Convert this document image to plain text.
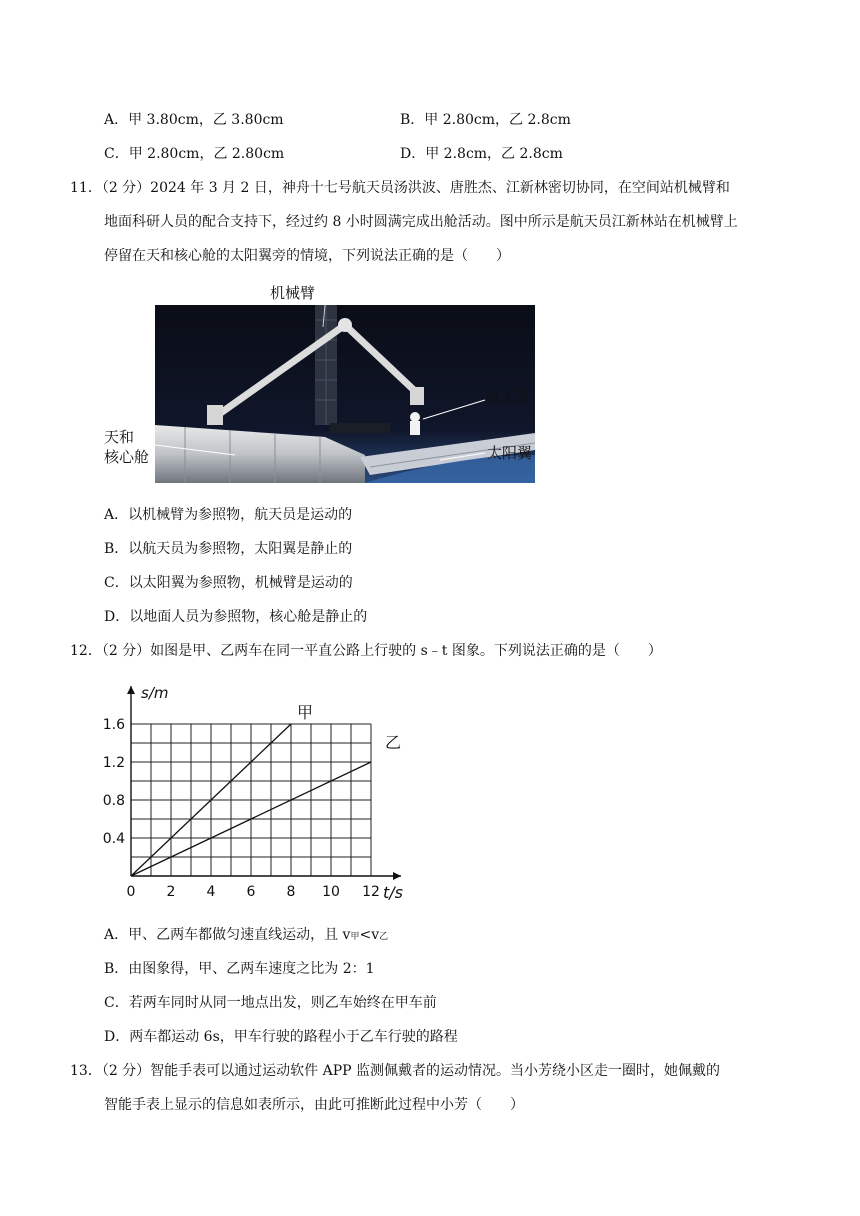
A．甲 3.80cm，乙 3.80cm	B．甲 2.80cm，乙 2.8cm
C．甲 2.80cm，乙 2.80cm	D．甲 2.8cm，乙 2.8cm
11．（2 分）2024 年 3 月 2 日，神舟十七号航天员汤洪波、唐胜杰、江新林密切协同，在空间站机械臂和
地面科研人员的配合支持下，经过约 8 小时圆满完成出舱活动。图中所示是航天员江新林站在机械臂上
停留在天和核心舱的太阳翼旁的情境，下列说法正确的是（　　）
机械臂
航天员
天和
核心舱	太阳翼
A．以机械臂为参照物，航天员是运动的
B．以航天员为参照物，太阳翼是静止的
C．以太阳翼为参照物，机械臂是运动的
D．以地面人员为参照物，核心舱是静止的
12．（2 分）如图是甲、乙两车在同一平直公路上行驶的 s﹣t 图象。下列说法正确的是（　　）
0 2 4 6 8 10 12
0.4
0.8
1.2
1.6
甲
乙
t/s
s/m
A．甲、乙两车都做匀速直线运动，且 v甲<v乙
B．由图象得，甲、乙两车速度之比为 2：1
C．若两车同时从同一地点出发，则乙车始终在甲车前
D．两车都运动 6s，甲车行驶的路程小于乙车行驶的路程
13．（2 分）智能手表可以通过运动软件 APP 监测佩戴者的运动情况。当小芳绕小区走一圈时，她佩戴的
智能手表上显示的信息如表所示，由此可推断此过程中小芳（　　）
